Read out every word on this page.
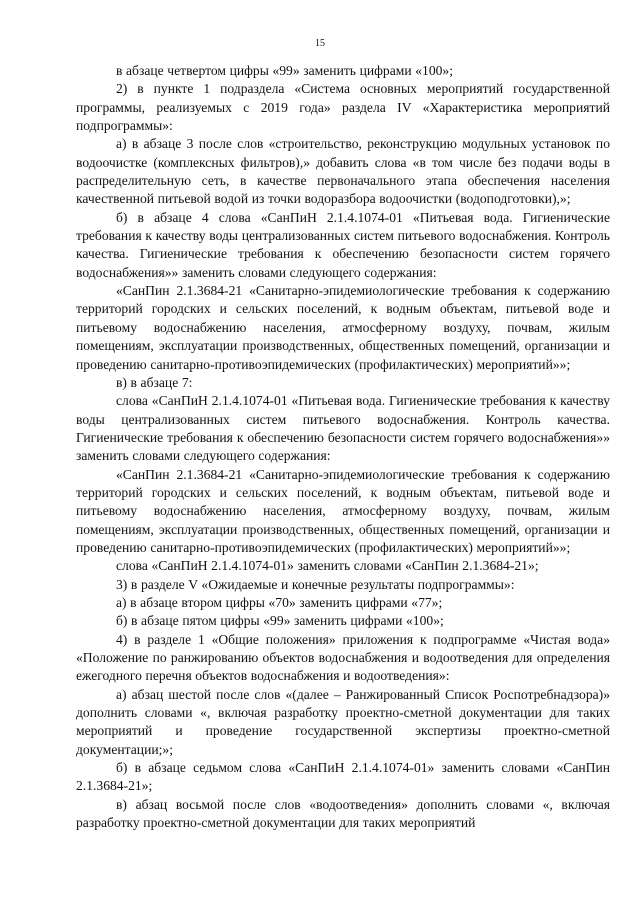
15

в абзаце четвертом цифры «99» заменить цифрами «100»;

2) в пункте 1 подраздела «Система основных мероприятий государственной программы, реализуемых с 2019 года» раздела IV «Характеристика мероприятий подпрограммы»:

а) в абзаце 3 после слов «строительство, реконструкцию модульных установок по водоочистке (комплексных фильтров),» добавить слова «в том числе без подачи воды в распределительную сеть, в качестве первоначального этапа обеспечения населения качественной питьевой водой из точки водоразбора водоочистки (водоподготовки),»;

б) в абзаце 4 слова «СанПиН 2.1.4.1074-01 «Питьевая вода. Гигиенические требования к качеству воды централизованных систем питьевого водоснабжения. Контроль качества. Гигиенические требования к обеспечению безопасности систем горячего водоснабжения»» заменить словами следующего содержания:

«СанПин 2.1.3684-21 «Санитарно-эпидемиологические требования к содержанию территорий городских и сельских поселений, к водным объектам, питьевой воде и питьевому водоснабжению населения, атмосферному воздуху, почвам, жилым помещениям, эксплуатации производственных, общественных помещений, организации и проведению санитарно-противоэпидемических (профилактических) мероприятий»»;

в) в абзаце 7:

слова «СанПиН 2.1.4.1074-01 «Питьевая вода. Гигиенические требования к качеству воды централизованных систем питьевого водоснабжения. Контроль качества. Гигиенические требования к обеспечению безопасности систем горячего водоснабжения»» заменить словами следующего содержания:

«СанПин 2.1.3684-21 «Санитарно-эпидемиологические требования к содержанию территорий городских и сельских поселений, к водным объектам, питьевой воде и питьевому водоснабжению населения, атмосферному воздуху, почвам, жилым помещениям, эксплуатации производственных, общественных помещений, организации и проведению санитарно-противоэпидемических (профилактических) мероприятий»»;

слова «СанПиН 2.1.4.1074-01» заменить словами «СанПин 2.1.3684-21»;

3) в разделе V «Ожидаемые и конечные результаты подпрограммы»:

а) в абзаце втором цифры «70» заменить цифрами «77»;

б) в абзаце пятом цифры «99» заменить цифрами «100»;

4) в разделе 1 «Общие положения» приложения к подпрограмме «Чистая вода» «Положение по ранжированию объектов водоснабжения и водоотведения для определения ежегодного перечня объектов водоснабжения и водоотведения»:

а) абзац шестой после слов «(далее – Ранжированный Список Роспотребнадзора)» дополнить словами «, включая разработку проектно-сметной документации для таких мероприятий и проведение государственной экспертизы проектно-сметной документации;»;

б) в абзаце седьмом слова «СанПиН 2.1.4.1074-01» заменить словами «СанПин 2.1.3684-21»;

в) абзац восьмой после слов «водоотведения» дополнить словами «, включая разработку проектно-сметной документации для таких мероприятий
